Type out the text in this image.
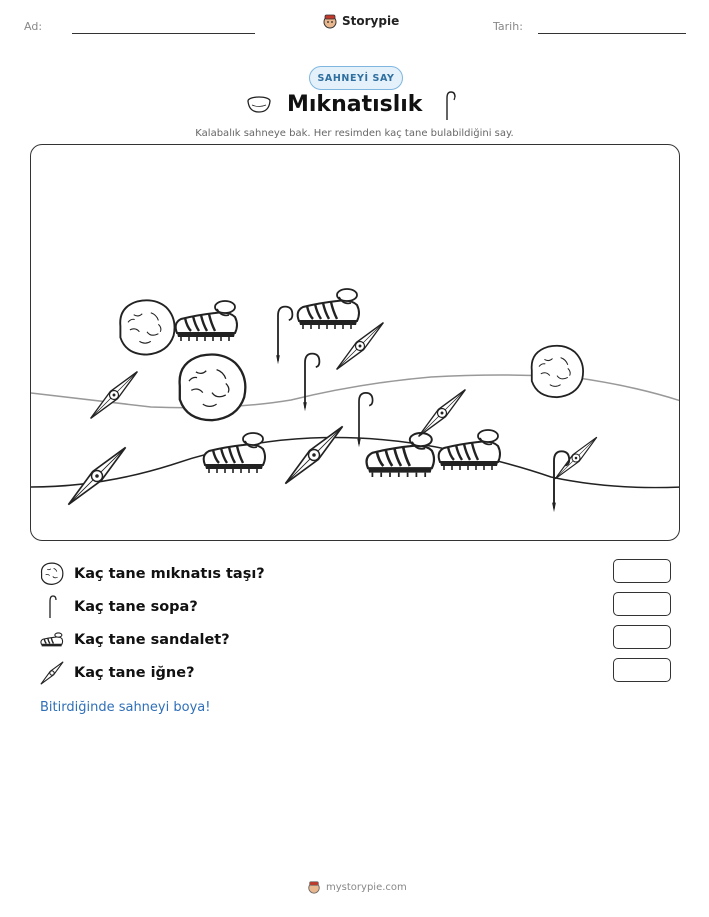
Ad:	Storypie	Tarih:
SAHNEYİ SAY
Mıknatıslık
Kalabalık sahneye bak. Her resimden kaç tane bulabildiğini say.
Kaç tane mıknatıs taşı?
Kaç tane sopa?
Kaç tane sandalet?
Kaç tane iğne?
Bitirdiğinde sahneyi boya!
mystorypie.com
